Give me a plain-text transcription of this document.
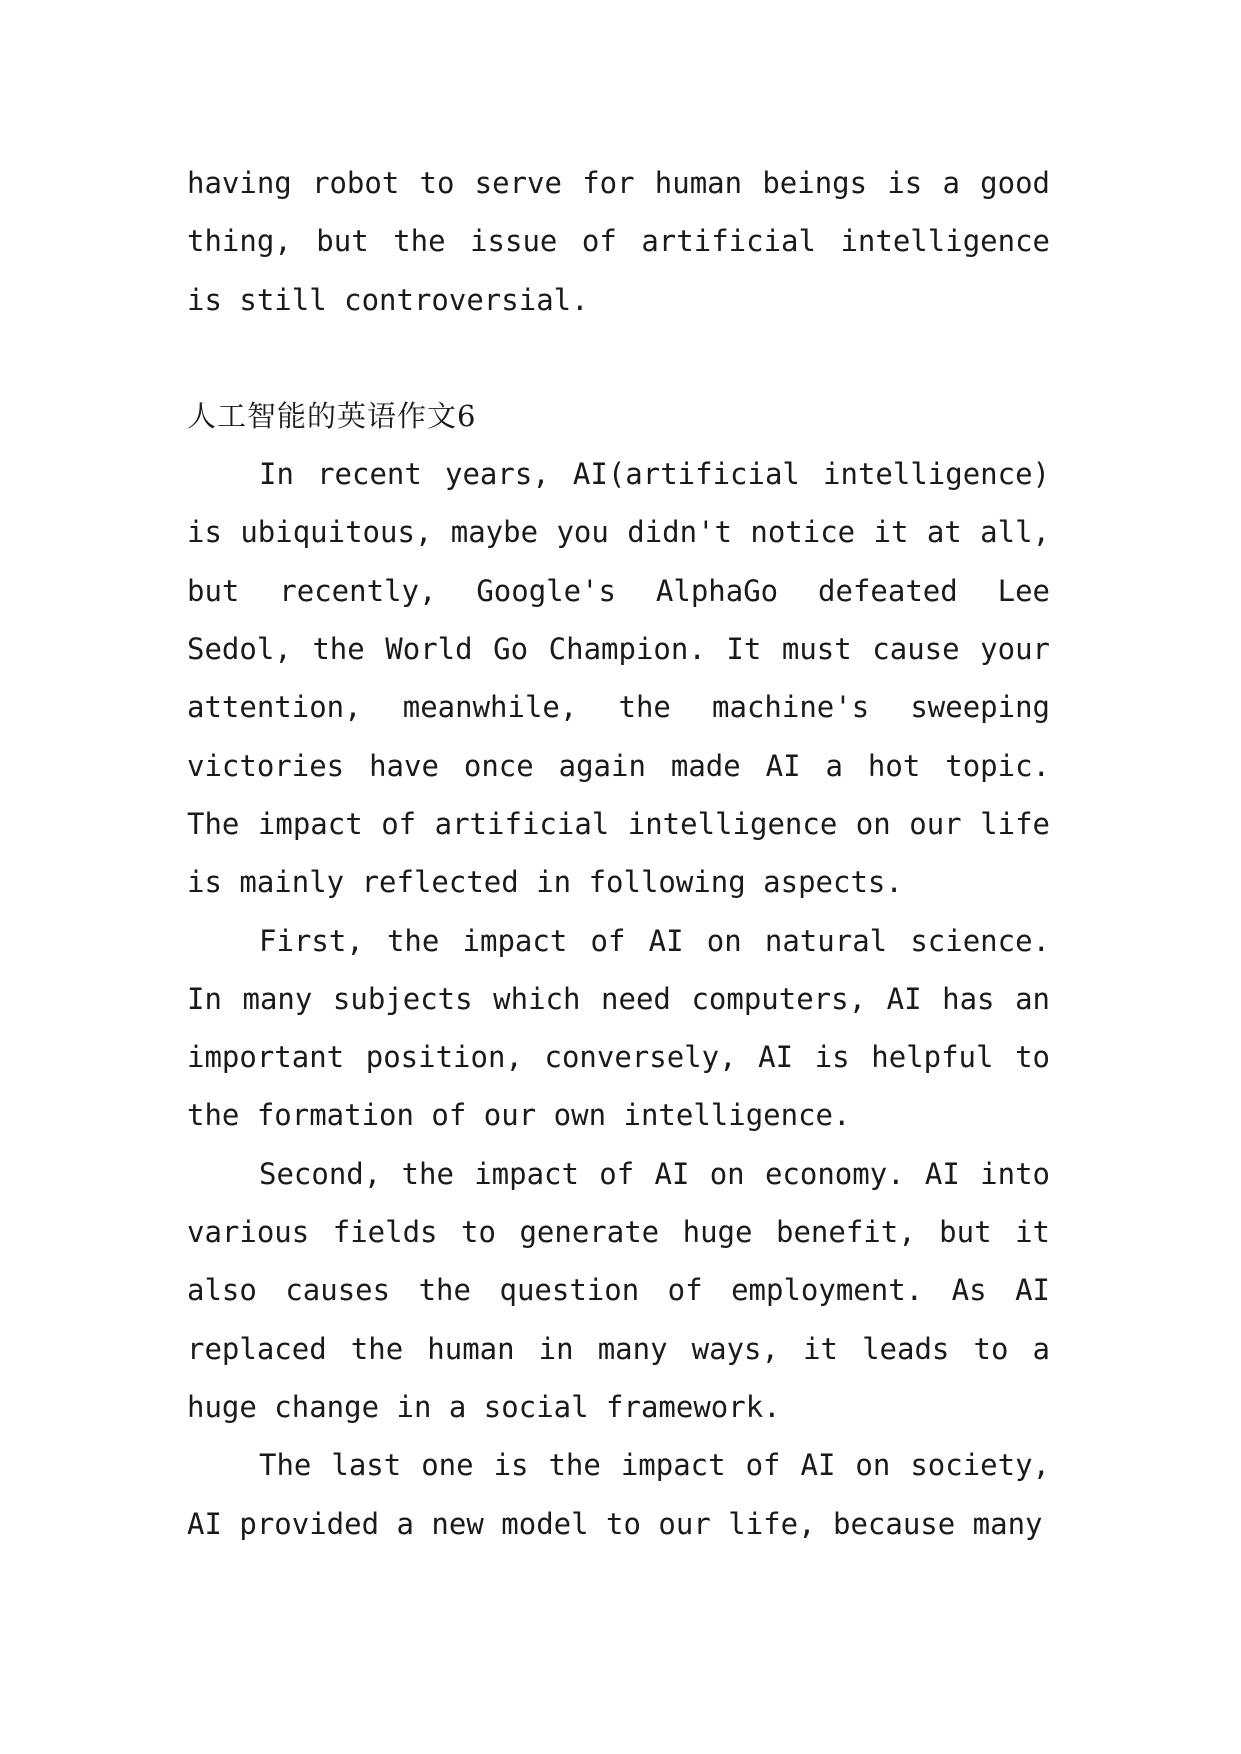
having robot to serve for human beings is a good thing, but the issue of artificial intelligence is still controversial.

人工智能的英语作文6

In recent years, AI(artificial intelligence) is ubiquitous, maybe you didn't notice it at all, but recently, Google's AlphaGo defeated Lee Sedol, the World Go Champion. It must cause your attention, meanwhile, the machine's sweeping victories have once again made AI a hot topic. The impact of artificial intelligence on our life is mainly reflected in following aspects.

First, the impact of AI on natural science. In many subjects which need computers, AI has an important position, conversely, AI is helpful to the formation of our own intelligence.

Second, the impact of AI on economy. AI into various fields to generate huge benefit, but it also causes the question of employment. As AI replaced the human in many ways, it leads to a huge change in a social framework.

The last one is the impact of AI on society, AI provided a new model to our life, because many
